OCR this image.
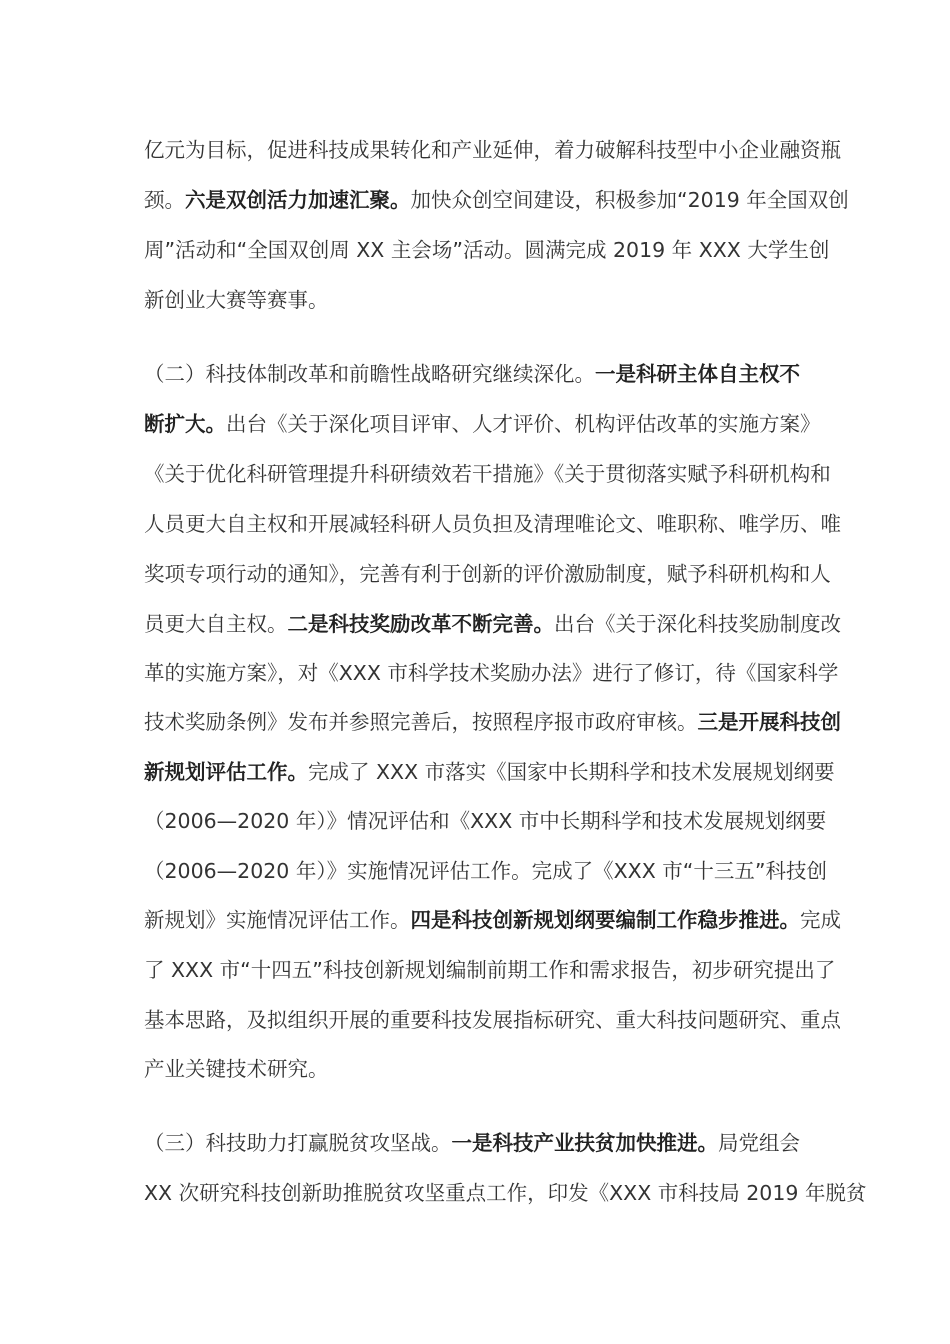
亿元为目标，促进科技成果转化和产业延伸，着力破解科技型中小企业融资瓶
颈。六是双创活力加速汇聚。加快众创空间建设，积极参加“2019 年全国双创
周”活动和“全国双创周 XX 主会场”活动。圆满完成 2019 年 XXX 大学生创
新创业大赛等赛事。
（二）科技体制改革和前瞻性战略研究继续深化。一是科研主体自主权不
断扩大。出台《关于深化项目评审、人才评价、机构评估改革的实施方案》
《关于优化科研管理提升科研绩效若干措施》《关于贯彻落实赋予科研机构和
人员更大自主权和开展减轻科研人员负担及清理唯论文、唯职称、唯学历、唯
奖项专项行动的通知》，完善有利于创新的评价激励制度，赋予科研机构和人
员更大自主权。二是科技奖励改革不断完善。出台《关于深化科技奖励制度改
革的实施方案》，对《XXX 市科学技术奖励办法》进行了修订，待《国家科学
技术奖励条例》发布并参照完善后，按照程序报市政府审核。三是开展科技创
新规划评估工作。完成了 XXX 市落实《国家中长期科学和技术发展规划纲要
（2006—2020 年）》情况评估和《XXX 市中长期科学和技术发展规划纲要
（2006—2020 年）》实施情况评估工作。完成了《XXX 市“十三五”科技创
新规划》实施情况评估工作。四是科技创新规划纲要编制工作稳步推进。完成
了 XXX 市“十四五”科技创新规划编制前期工作和需求报告，初步研究提出了
基本思路，及拟组织开展的重要科技发展指标研究、重大科技问题研究、重点
产业关键技术研究。
（三）科技助力打赢脱贫攻坚战。一是科技产业扶贫加快推进。局党组会
XX 次研究科技创新助推脱贫攻坚重点工作，印发《XXX 市科技局 2019 年脱贫
